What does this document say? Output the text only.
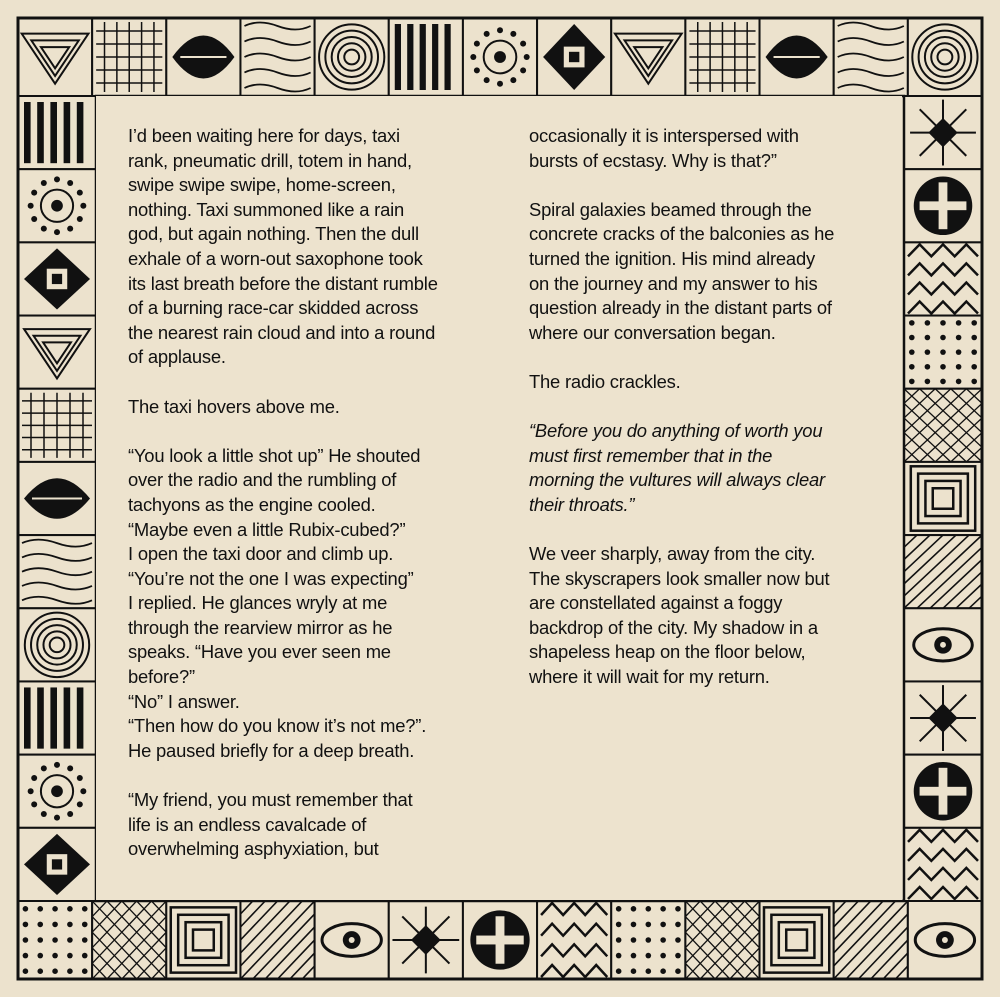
I’d been waiting here for days, taxi
rank, pneumatic drill, totem in hand,
swipe swipe swipe, home-screen,
nothing. Taxi summoned like a rain
god, but again nothing. Then the dull
exhale of a worn-out saxophone took
its last breath before the distant rumble
of a burning race-car skidded across
the nearest rain cloud and into a round
of applause.

The taxi hovers above me.

“You look a little shot up” He shouted
over the radio and the rumbling of
tachyons as the engine cooled.
“Maybe even a little Rubix-cubed?”
I open the taxi door and climb up.
“You’re not the one I was expecting”
I replied. He glances wryly at me
through the rearview mirror as he
speaks. “Have you ever seen me
before?”
“No” I answer.
“Then how do you know it’s not me?”.
He paused briefly for a deep breath.

“My friend, you must remember that
life is an endless cavalcade of
overwhelming asphyxiation, but

occasionally it is interspersed with
bursts of ecstasy. Why is that?”

Spiral galaxies beamed through the
concrete cracks of the balconies as he
turned the ignition. His mind already
on the journey and my answer to his
question already in the distant parts of
where our conversation began.

The radio crackles.

“Before you do anything of worth you
must first remember that in the
morning the vultures will always clear
their throats.”

We veer sharply, away from the city.
The skyscrapers look smaller now but
are constellated against a foggy
backdrop of the city. My shadow in a
shapeless heap on the floor below,
where it will wait for my return.
